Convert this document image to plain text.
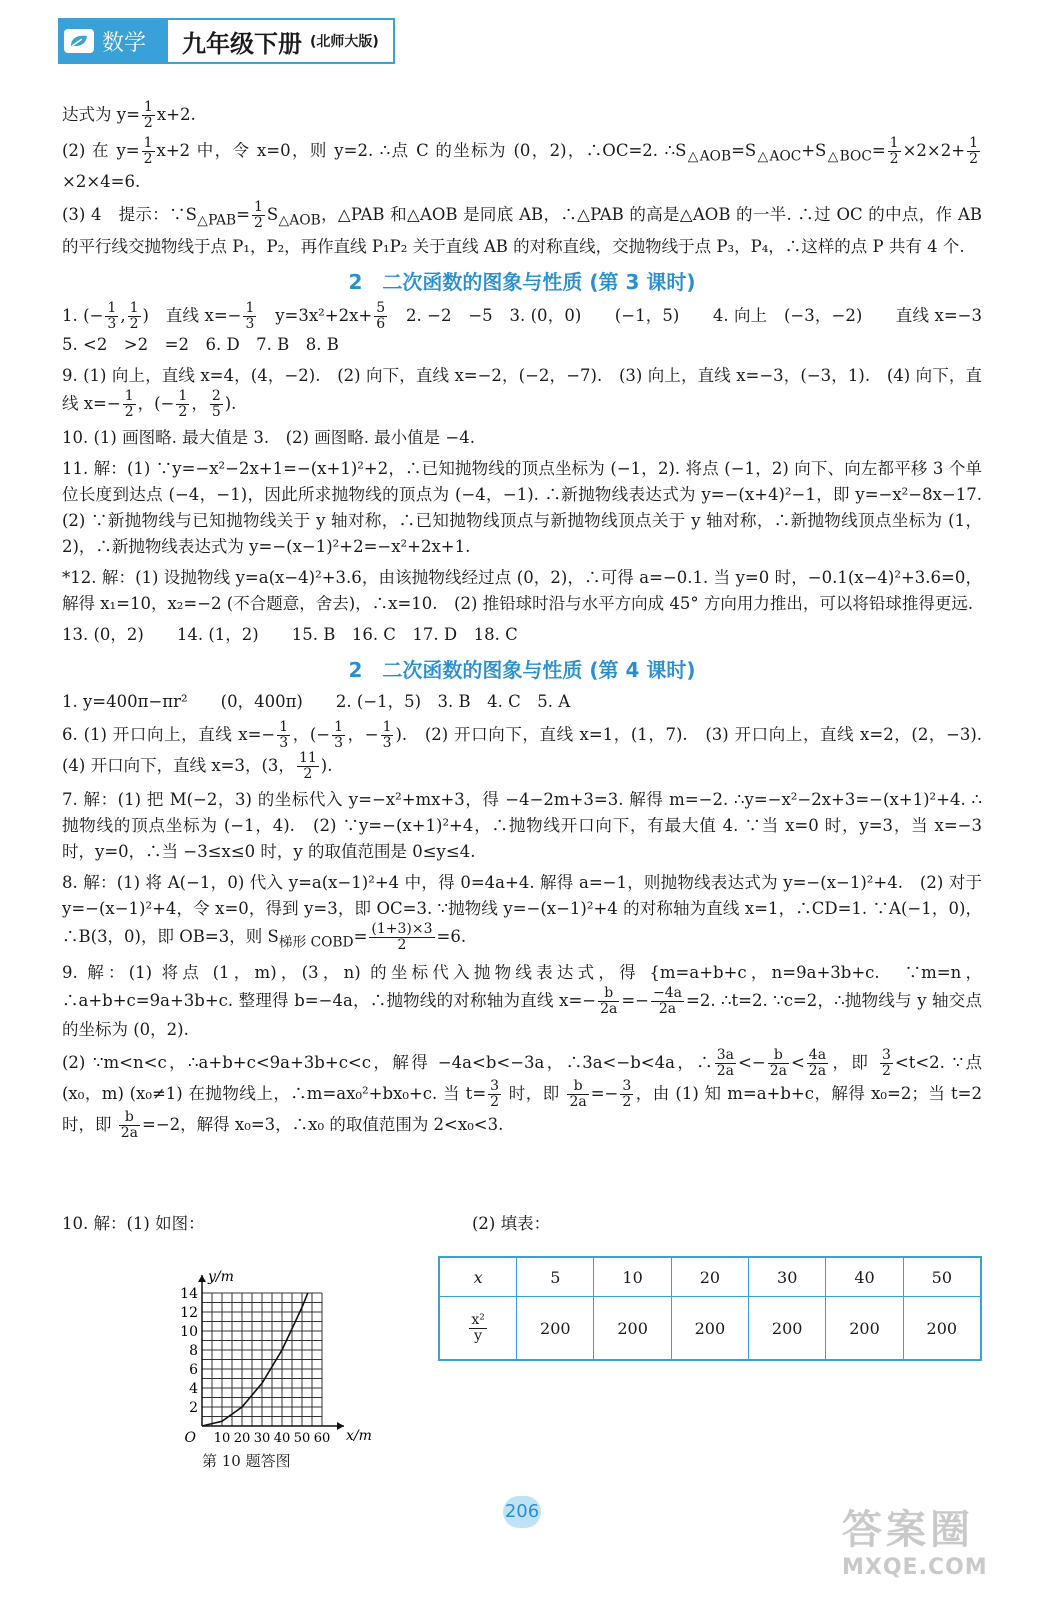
数学 九年级下册 (北师大版)

达式为 $y= \frac{1}{2} x+2$.

(2) 在 $y= \frac{1}{2} x+2$ 中，令 x=0，则 y=2. ∴点 C 的坐标为 (0，2)，∴OC=2. $\therefore S_{\triangle AOB}=S_{\triangle AOC}+S_{\triangle BOC}= \frac{1}{2} \times 2\times 2+ \frac{1}{2}$
×2×4=6.

(3) 4　提示：$\because S_{\triangle PAB}= \frac{1}{2} S_{\triangle AOB}$，△PAB 和△AOB 是同底 AB，∴△PAB 的高是△AOB 的一半. ∴过 OC 的中点，作 AB 的平行线交抛物线于点 P₁，P₂，再作直线 P₁P₂ 关于直线 AB 的对称直线，交抛物线于点 P₃，P₄，∴这样的点 P 共有 4 个.

2　二次函数的图象与性质 (第 3 课时)

1. (− $\frac{1}{3}$ , $\frac{1}{2}$ )　直线 $x=- \frac{1}{3}$ 　$y=3x^2+2x+ \frac{5}{6}$ 　2. −2　−5　3. (0，0)　　(−1，5)　　4. 向上　(−3，−2)　　直线 x=−3　5. <2　>2　=2　6. D　7. B　8. B

9. (1) 向上，直线 x=4，(4，−2).　(2) 向下，直线 x=−2，(−2，−7).　(3) 向上，直线 x=−3，(−3，1).　(4) 向下，直线 $x=- \frac{1}{2}$ ，(− $\frac{1}{2}$ ， $\frac{2}{5}$ ).

10. (1) 画图略. 最大值是 3.　(2) 画图略. 最小值是 −4.

11. 解：(1) ∵y=−x²−2x+1=−(x+1)²+2，∴已知抛物线的顶点坐标为 (−1，2). 将点 (−1，2) 向下、向左都平移 3 个单位长度到达点 (−4，−1)，因此所求抛物线的顶点为 (−4，−1). ∴新抛物线表达式为 y=−(x+4)²−1，即 y=−x²−8x−17.　(2) ∵新抛物线与已知抛物线关于 y 轴对称，∴已知抛物线顶点与新抛物线顶点关于 y 轴对称，∴新抛物线顶点坐标为 (1，2)，∴新抛物线表达式为 y=−(x−1)²+2=−x²+2x+1.

*12. 解：(1) 设抛物线 y=a(x−4)²+3.6，由该抛物线经过点 (0，2)，∴可得 a=−0.1. 当 y=0 时，−0.1(x−4)²+3.6=0，解得 x₁=10，x₂=−2 (不合题意，舍去)，∴x=10.　(2) 推铅球时沿与水平方向成 45° 方向用力推出，可以将铅球推得更远.

13. (0，2)　　14. (1，2)　　15. B　16. C　17. D　18. C

2　二次函数的图象与性质 (第 4 课时)

1. y=400π−πr²　　(0，400π)　　2. (−1，5)　3. B　4. C　5. A

6. (1) 开口向上，直线 $x=- \frac{1}{3}$ ，(− $\frac{1}{3}$ ，− $\frac{1}{3}$ ).　(2) 开口向下，直线 x=1，(1，7).　(3) 开口向上，直线 x=2，(2，−3).　(4) 开口向下，直线 x=3，(3， $\frac{11}{2}$ ).

7. 解：(1) 把 M(−2，3) 的坐标代入 y=−x²+mx+3，得 −4−2m+3=3. 解得 m=−2. ∴y=−x²−2x+3=−(x+1)²+4. ∴抛物线的顶点坐标为 (−1，4).　(2) ∵y=−(x+1)²+4，∴抛物线开口向下，有最大值 4. ∵当 x=0 时，y=3，当 x=−3 时，y=0，∴当 −3≤x≤0 时，y 的取值范围是 0≤y≤4.

8. 解：(1) 将 A(−1，0) 代入 y=a(x−1)²+4 中，得 0=4a+4. 解得 a=−1，则抛物线表达式为 y=−(x−1)²+4.　(2) 对于 y=−(x−1)²+4，令 x=0，得到 y=3，即 OC=3. ∵抛物线 y=−(x−1)²+4 的对称轴为直线 x=1，∴CD=1. ∵A(−1，0)，∴B(3，0)，即 OB=3，则 $S_{梯形 COBD}= \frac{(1+3)\times 3}{2} =6$.

9. 解：(1) 将点 (1，m)，(3，n) 的坐标代入抛物线表达式，得 {m=a+b+c，n=9a+3b+c.　∵m=n，∴a+b+c=9a+3b+c. 整理得 b=−4a，∴抛物线的对称轴为直线 $x=- \frac{b}{2a} =- \frac{-4a}{2a} =2$. ∴t=2. ∵c=2，∴抛物线与 y 轴交点的坐标为 (0，2).

(2) ∵m<n<c，∴a+b+c<9a+3b+c<c，解得 −4a<b<−3a，∴3a<−b<4a，∴ $\frac{3a}{2a} <- \frac{b}{2a} < \frac{4a}{2a}$ ，即 $\frac{3}{2} <t<2$. ∵点 (x₀，m) (x₀≠1) 在抛物线上，∴m=ax₀²+bx₀+c. 当 $t= \frac{3}{2}$ 时，即 $\frac{b}{2a} =- \frac{3}{2}$ ，由 (1) 知 m=a+b+c，解得 x₀=2；当 t=2 时，即 $\frac{b}{2a} =-2$，解得 x₀=3，∴x₀ 的取值范围为 2<x₀<3.

10. 解：(1) 如图：	(2) 填表：
2
4
6
8
10
12
14
10 20 30 40 50 60
O
y/m
x/m
第 10 题答图
x	5	10	20	30	40	50

$\frac{\text{x²}}{y}$	200	200	200	200	200	200
206	答案圈
MXQE.COM
